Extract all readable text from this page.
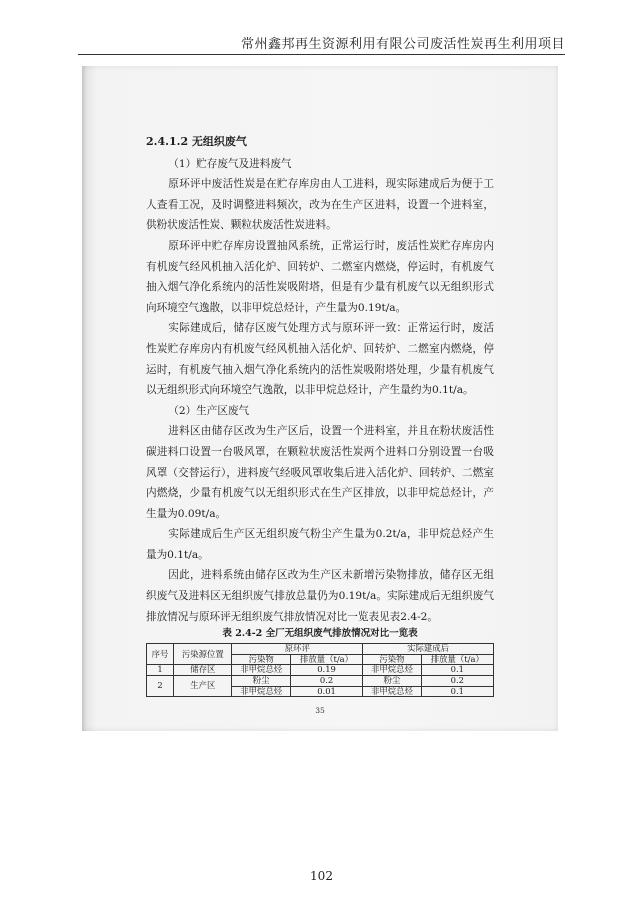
常州鑫邦再生资源利用有限公司废活性炭再生利用项目
2.4.1.2 无组织废气
（1）贮存废气及进料废气

原环评中废活性炭是在贮存库房由人工进料，现实际建成后为便于工人查看工况，及时调整进料频次，改为在生产区进料，设置一个进料室，供粉状废活性炭、颗粒状废活性炭进料。

原环评中贮存库房设置抽风系统，正常运行时，废活性炭贮存库房内有机废气经风机抽入活化炉、回转炉、二燃室内燃烧，停运时，有机废气抽入烟气净化系统内的活性炭吸附塔，但是有少量有机废气以无组织形式向环境空气逸散，以非甲烷总烃计，产生量为0.19t/a。

实际建成后，储存区废气处理方式与原环评一致：正常运行时，废活性炭贮存库房内有机废气经风机抽入活化炉、回转炉、二燃室内燃烧，停运时，有机废气抽入烟气净化系统内的活性炭吸附塔处理，少量有机废气以无组织形式向环境空气逸散，以非甲烷总烃计，产生量约为0.1t/a。

（2）生产区废气

进料区由储存区改为生产区后，设置一个进料室，并且在粉状废活性碳进料口设置一台吸风罩，在颗粒状废活性炭两个进料口分别设置一台吸风罩（交替运行），进料废气经吸风罩收集后进入活化炉、回转炉、二燃室内燃烧，少量有机废气以无组织形式在生产区排放，以非甲烷总烃计，产生量为0.09t/a。

实际建成后生产区无组织废气粉尘产生量为0.2t/a，非甲烷总烃产生量为0.1t/a。

因此，进料系统由储存区改为生产区未新增污染物排放，储存区无组织废气及进料区无组织废气排放总量仍为0.19t/a。实际建成后无组织废气排放情况与原环评无组织废气排放情况对比一览表见表2.4-2。

表 2.4-2 全厂无组织废气排放情况对比一览表
序号	污染源位置	原环评		实际建成后	
		污染物	排放量（t/a）	污染物	排放量（t/a）
1	储存区	非甲烷总烃	0.19	非甲烷总烃	0.1
2	生产区	粉尘	0.2	粉尘	0.2
		非甲烷总烃	0.01	非甲烷总烃	0.1
35
102
